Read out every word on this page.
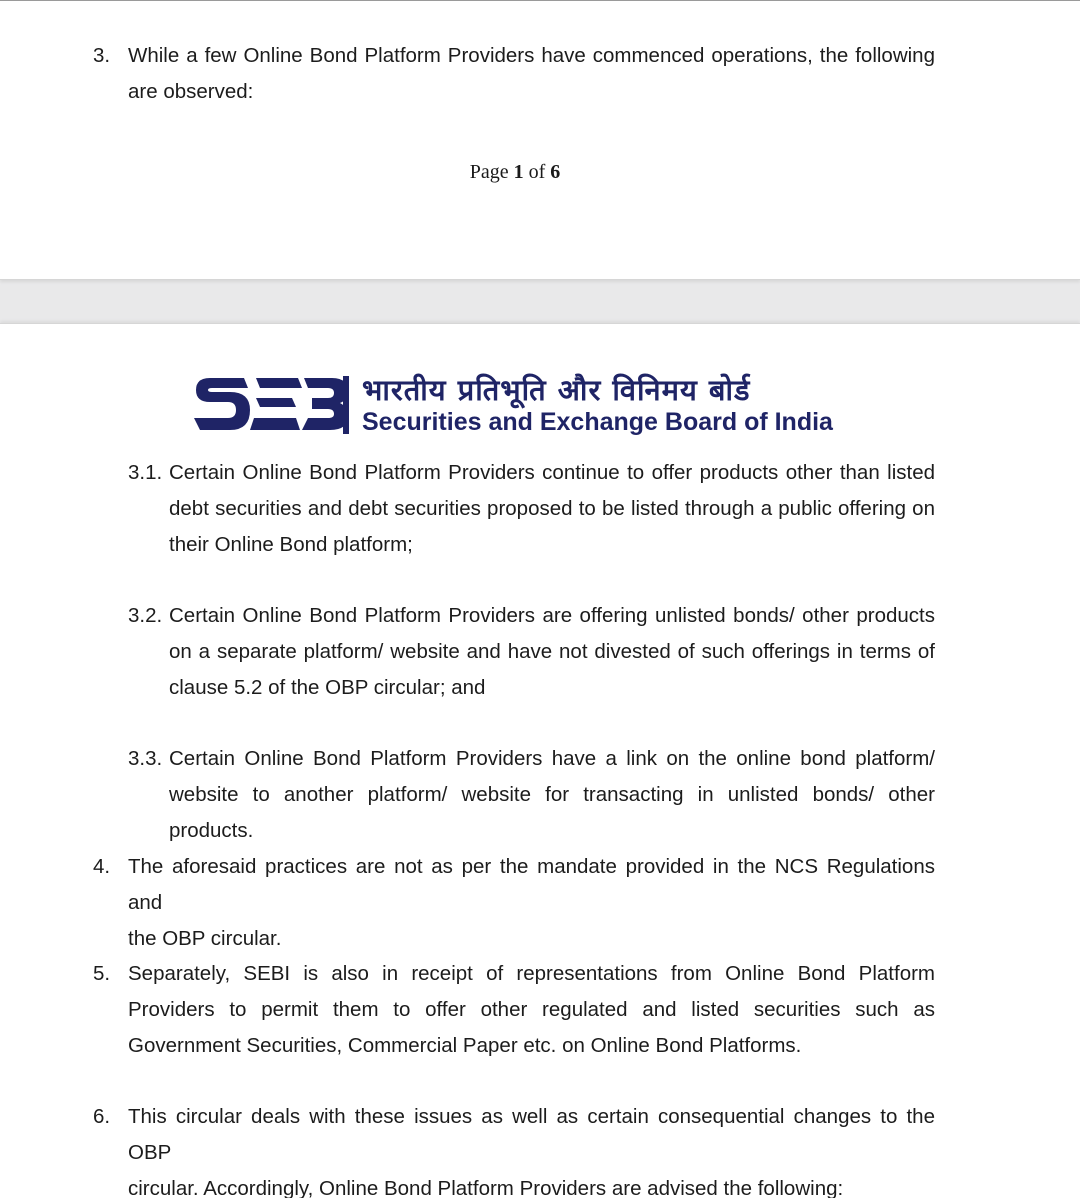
3. While a few Online Bond Platform Providers have commenced operations, the following
are observed:
Page 1 of 6
भारतीय प्रतिभूति और विनिमय बोर्ड
Securities and Exchange Board of India
3.1. Certain Online Bond Platform Providers continue to offer products other than listed
debt securities and debt securities proposed to be listed through a public offering on
their Online Bond platform;
3.2. Certain Online Bond Platform Providers are offering unlisted bonds/ other products
on a separate platform/ website and have not divested of such offerings in terms of
clause 5.2 of the OBP circular; and
3.3. Certain Online Bond Platform Providers have a link on the online bond platform/
website to another platform/ website for transacting in unlisted bonds/ other products.
4. The aforesaid practices are not as per the mandate provided in the NCS Regulations and
the OBP circular.
5. Separately, SEBI is also in receipt of representations from Online Bond Platform
Providers to permit them to offer other regulated and listed securities such as
Government Securities, Commercial Paper etc. on Online Bond Platforms.
6. This circular deals with these issues as well as certain consequential changes to the OBP
circular. Accordingly, Online Bond Platform Providers are advised the following:
